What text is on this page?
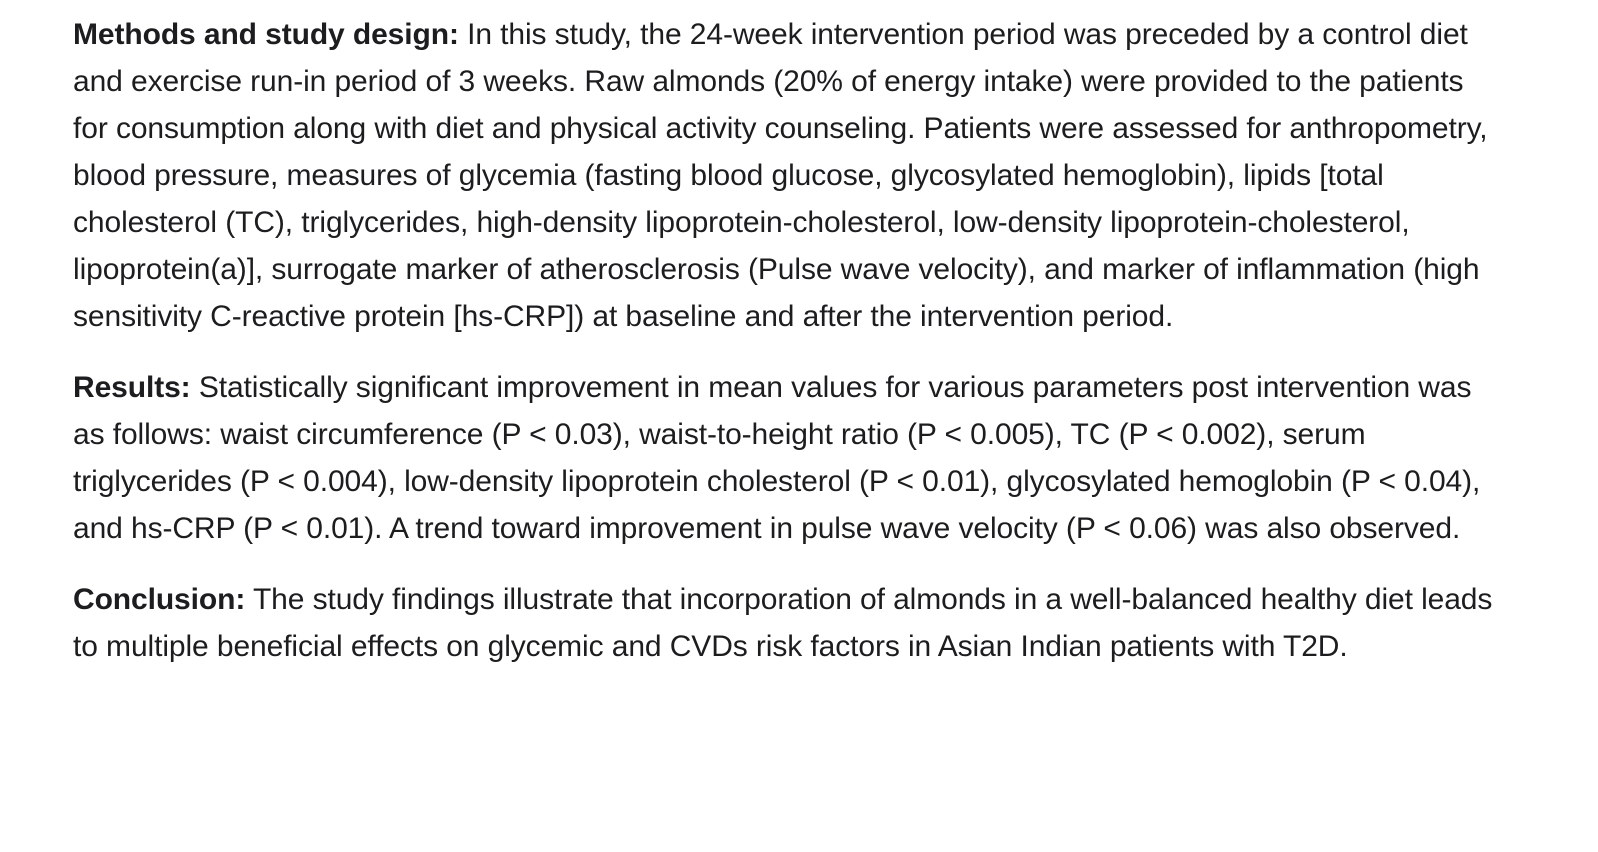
Methods and study design: In this study, the 24-week intervention period was preceded by a control diet and exercise run-in period of 3 weeks. Raw almonds (20% of energy intake) were provided to the patients for consumption along with diet and physical activity counseling. Patients were assessed for anthropometry, blood pressure, measures of glycemia (fasting blood glucose, glycosylated hemoglobin), lipids [total cholesterol (TC), triglycerides, high-density lipoprotein-cholesterol, low-density lipoprotein-cholesterol, lipoprotein(a)], surrogate marker of atherosclerosis (Pulse wave velocity), and marker of inflammation (high sensitivity C-reactive protein [hs-CRP]) at baseline and after the intervention period.

Results: Statistically significant improvement in mean values for various parameters post intervention was as follows: waist circumference (P < 0.03), waist-to-height ratio (P < 0.005), TC (P < 0.002), serum triglycerides (P < 0.004), low-density lipoprotein cholesterol (P < 0.01), glycosylated hemoglobin (P < 0.04), and hs-CRP (P < 0.01). A trend toward improvement in pulse wave velocity (P < 0.06) was also observed.

Conclusion: The study findings illustrate that incorporation of almonds in a well-balanced healthy diet leads to multiple beneficial effects on glycemic and CVDs risk factors in Asian Indian patients with T2D.
